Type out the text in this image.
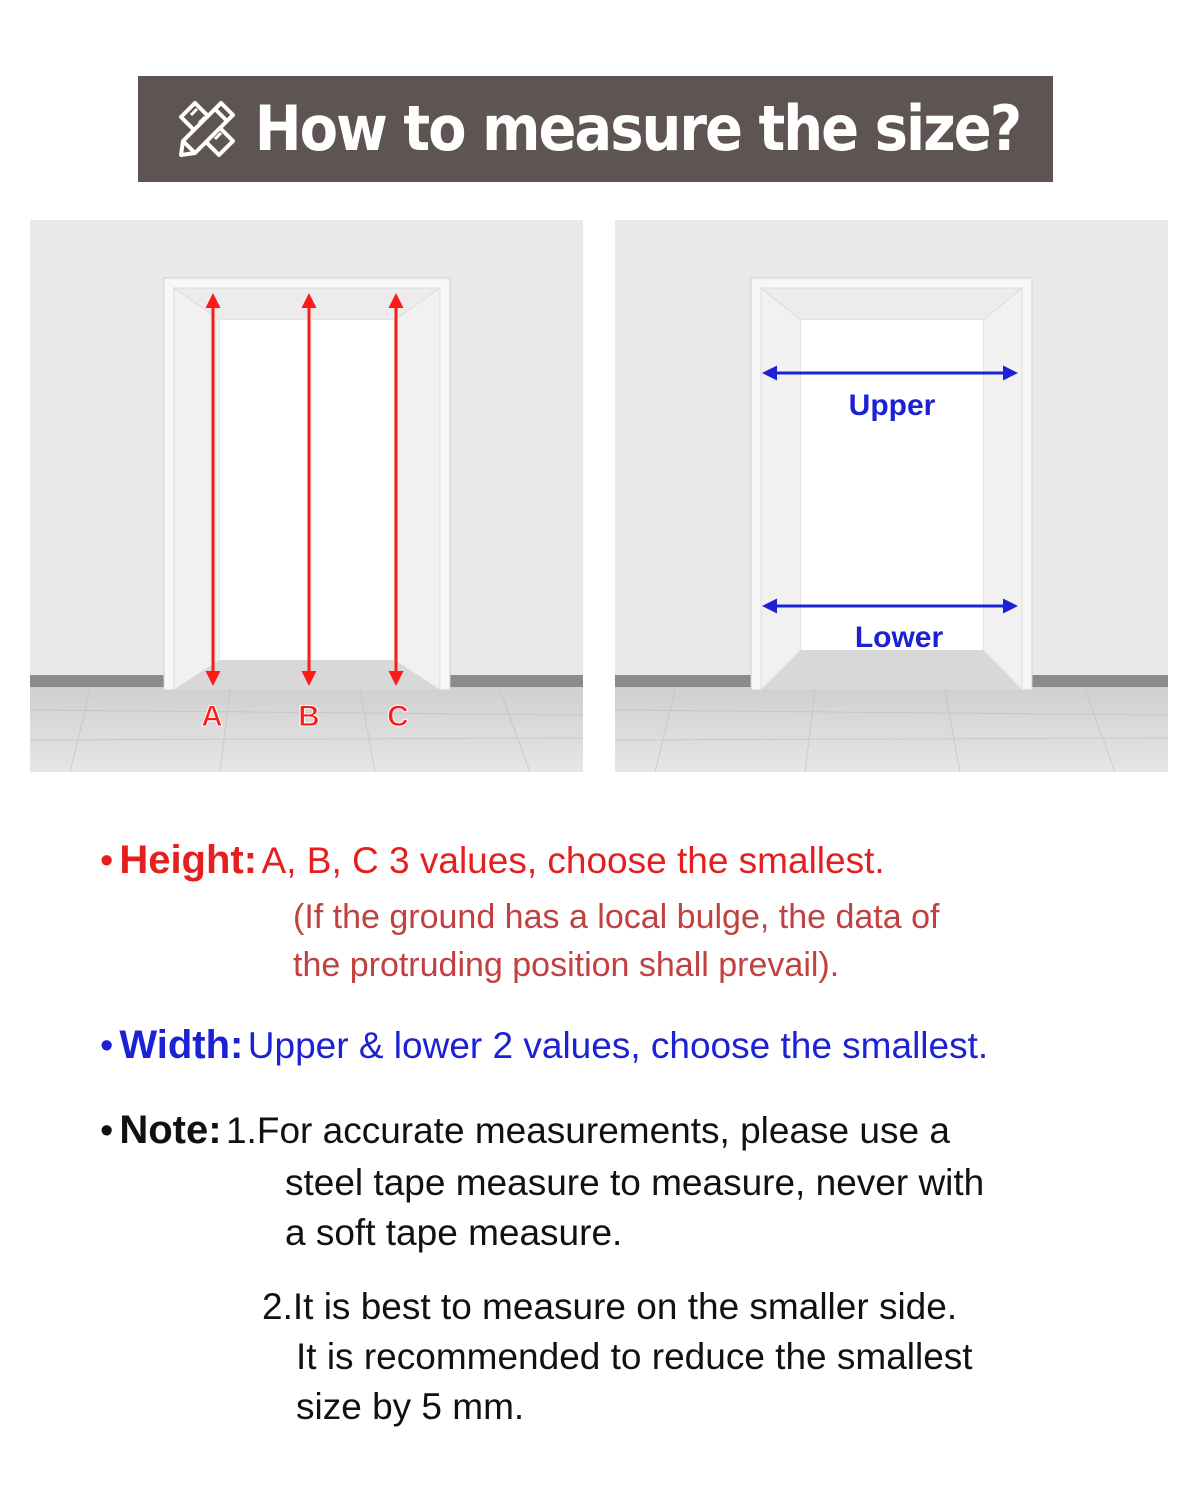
How to measure the size?
A	B C
Upper
Lower
• Height: A, B, C 3 values, choose the smallest.
(If the ground has a local bulge, the data of
the protruding position shall prevail).
• Width: Upper & lower 2 values, choose the smallest.
• Note: 1.For accurate measurements, please use a
steel tape measure to measure, never with
a soft tape measure.
2.It is best to measure on the smaller side.
It is recommended to reduce the smallest
size by 5 mm.
